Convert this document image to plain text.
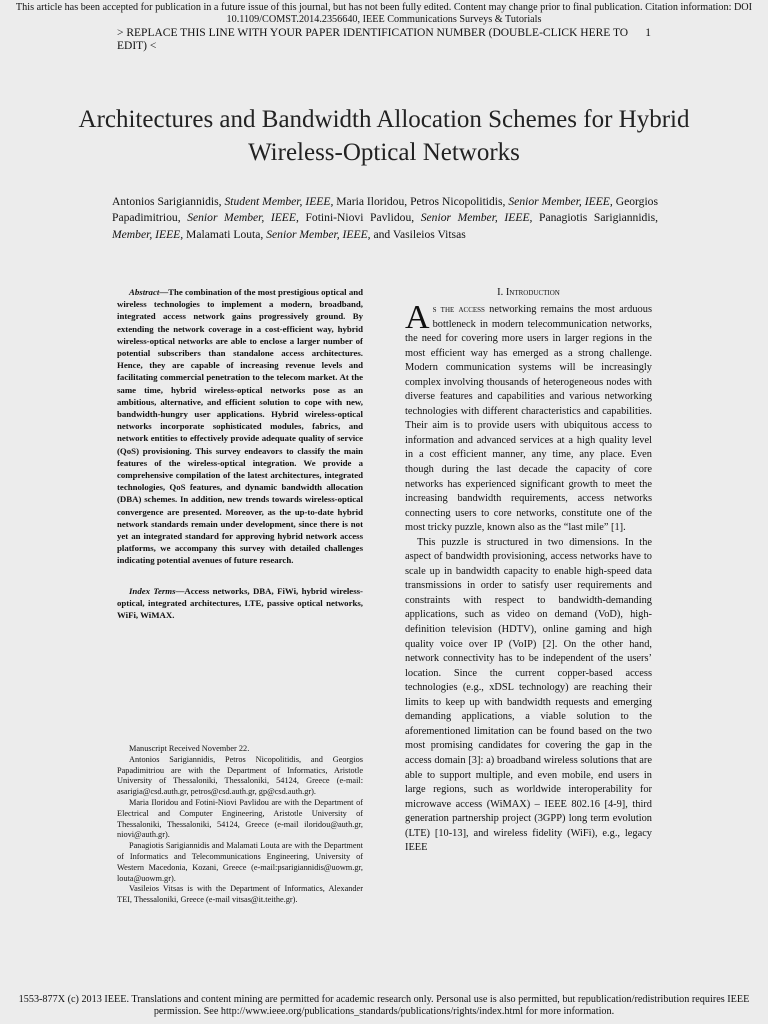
This article has been accepted for publication in a future issue of this journal, but has not been fully edited. Content may change prior to final publication. Citation information: DOI 10.1109/COMST.2014.2356640, IEEE Communications Surveys & Tutorials
> REPLACE THIS LINE WITH YOUR PAPER IDENTIFICATION NUMBER (DOUBLE-CLICK HERE TO EDIT) <
1
Architectures and Bandwidth Allocation Schemes for Hybrid Wireless-Optical Networks
Antonios Sarigiannidis, Student Member, IEEE, Maria Iloridou, Petros Nicopolitidis, Senior Member, IEEE, Georgios Papadimitriou, Senior Member, IEEE, Fotini-Niovi Pavlidou, Senior Member, IEEE, Panagiotis Sarigiannidis, Member, IEEE, Malamati Louta, Senior Member, IEEE, and Vasileios Vitsas

Abstract—The combination of the most prestigious optical and wireless technologies to implement a modern, broadband, integrated access network gains progressively ground. By extending the network coverage in a cost-efficient way, hybrid wireless-optical networks are able to enclose a larger number of potential subscribers than standalone access architectures. Hence, they are capable of increasing revenue levels and facilitating commercial penetration to the telecom market. At the same time, hybrid wireless-optical networks pose as an ambitious, alternative, and efficient solution to cope with new, bandwidth-hungry user applications. Hybrid wireless-optical networks incorporate sophisticated modules, fabrics, and network entities to effectively provide adequate quality of service (QoS) provisioning. This survey endeavors to classify the main features of the wireless-optical integration. We provide a comprehensive compilation of the latest architectures, integrated technologies, QoS features, and dynamic bandwidth allocation (DBA) schemes. In addition, new trends towards wireless-optical convergence are presented. Moreover, as the up-to-date hybrid network standards remain under development, since there is not yet an integrated standard for approving hybrid network access platforms, we accompany this survey with detailed challenges indicating potential avenues of future research.

Index Terms—Access networks, DBA, FiWi, hybrid wireless-optical, integrated architectures, LTE, passive optical networks, WiFi, WiMAX.

Manuscript Received November 22.

Antonios Sarigiannidis, Petros Nicopolitidis, and Georgios Papadimitriou are with the Department of Informatics, Aristotle University of Thessaloniki, Thessaloniki, 54124, Greece (e-mail: asarigia@csd.auth.gr, petros@csd.auth.gr, gp@csd.auth.gr).

Maria Iloridou and Fotini-Niovi Pavlidou are with the Department of Electrical and Computer Engineering, Aristotle University of Thessaloniki, Thessaloniki, 54124, Greece (e-mail iloridou@auth.gr, niovi@auth.gr).

Panagiotis Sarigiannidis and Malamati Louta are with the Department of Informatics and Telecommunications Engineering, University of Western Macedonia, Kozani, Greece (e-mail:psarigiannidis@uowm.gr, louta@uowm.gr).

Vasileios Vitsas is with the Department of Informatics, Alexander TEI, Thessaloniki, Greece (e-mail vitsas@it.teithe.gr).

I. Introduction

As the access networking remains the most arduous bottleneck in modern telecommunication networks, the need for covering more users in larger regions in the most efficient way has emerged as a strong challenge. Modern communication systems will be increasingly complex involving thousands of heterogeneous nodes with diverse features and capabilities and various networking technologies with different characteristics and capabilities. Their aim is to provide users with ubiquitous access to information and advanced services at a high quality level in a cost efficient manner, any time, any place. Even though during the last decade the capacity of core networks has experienced significant growth to meet the increasing bandwidth requirements, access networks connecting users to core networks, constitute one of the most tricky puzzle, known also as the “last mile” [1].

This puzzle is structured in two dimensions. In the aspect of bandwidth provisioning, access networks have to scale up in bandwidth capacity to enable high-speed data transmissions in order to satisfy user requirements and constraints with respect to bandwidth-demanding applications, such as video on demand (VoD), high-definition television (HDTV), online gaming and high quality voice over IP (VoIP) [2]. On the other hand, network connectivity has to be independent of the users’ location. Since the current copper-based access technologies (e.g., xDSL technology) are reaching their limits to keep up with bandwidth requests and emerging demanding applications, a viable solution to the aforementioned limitation can be found based on the two most promising candidates for covering the gap in the access domain [3]: a) broadband wireless solutions that are able to support multiple, and even mobile, end users in large regions, such as worldwide interoperability for microwave access (WiMAX) – IEEE 802.16 [4-9], third generation partnership project (3GPP) long term evolution (LTE) [10-13], and wireless fidelity (WiFi), e.g., legacy IEEE

1553-877X (c) 2013 IEEE. Translations and content mining are permitted for academic research only. Personal use is also permitted, but republication/redistribution requires IEEE permission. See http://www.ieee.org/publications_standards/publications/rights/index.html for more information.
